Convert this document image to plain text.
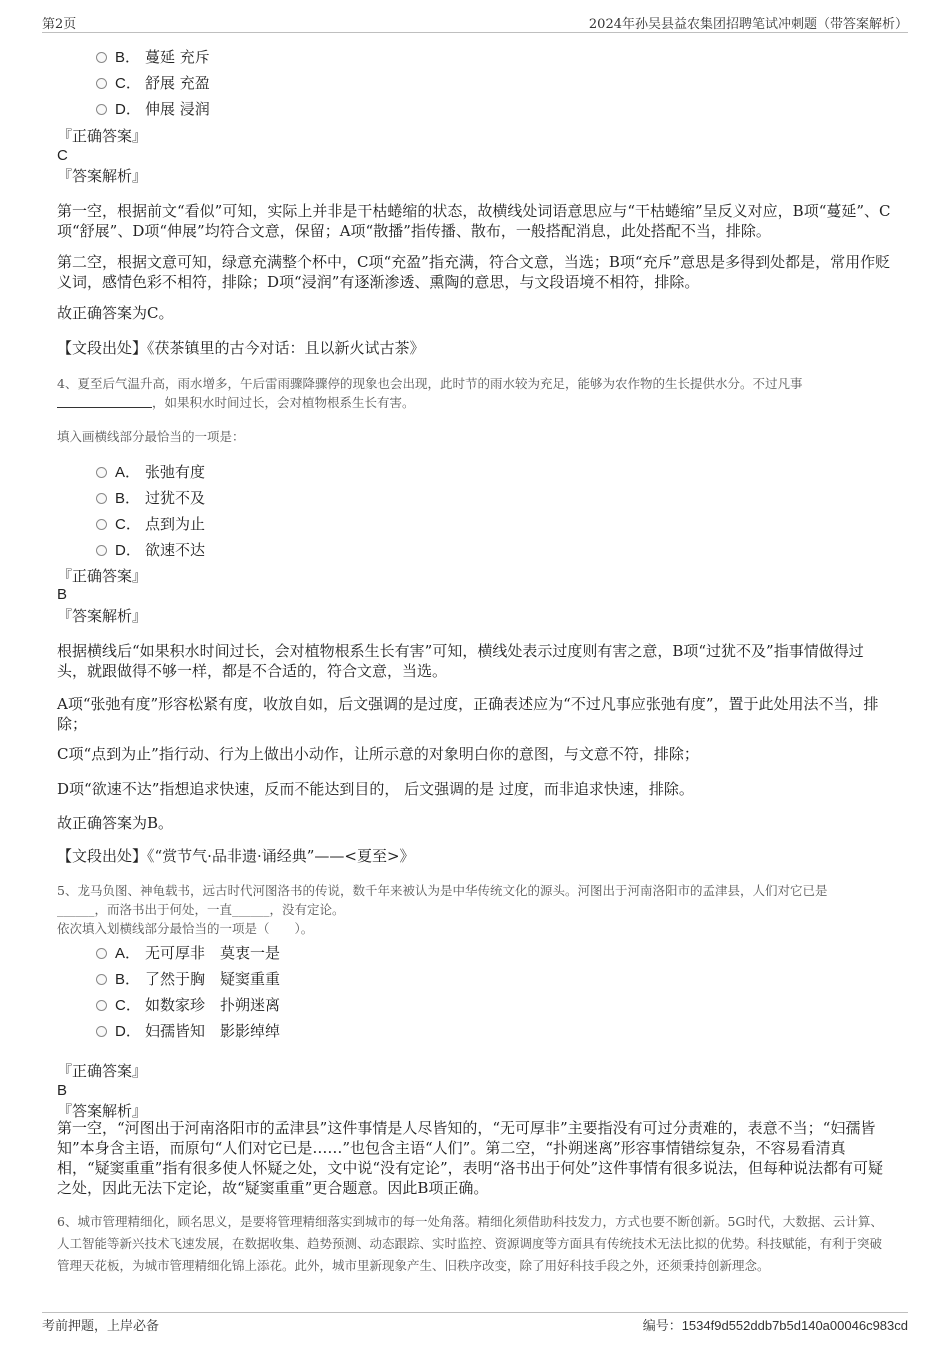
第2页	2024年孙吴县益农集团招聘笔试冲刺题（带答案解析）
B． 蔓延 充斥
C． 舒展 充盈
D． 伸展 浸润
『正确答案』
C
『答案解析』
第一空，根据前文“看似”可知，实际上并非是干枯蜷缩的状态，故横线处词语意思应与“干枯蜷缩”呈反义对应，B项“蔓延”、C项“舒展”、D项“伸展”均符合文意，保留；A项“散播”指传播、散布，一般搭配消息，此处搭配不当，排除。
第二空，根据文意可知，绿意充满整个杯中，C项“充盈”指充满，符合文意，当选；B项“充斥”意思是多得到处都是，常用作贬义词，感情色彩不相符，排除；D项“浸润”有逐渐渗透、熏陶的意思，与文段语境不相符，排除。
故正确答案为C。
【文段出处】《茯茶镇里的古今对话：且以新火试古茶》
4、夏至后气温升高，雨水增多，午后雷雨骤降骤停的现象也会出现，此时节的雨水较为充足，能够为农作物的生长提供水分。不过凡事
，如果积水时间过长，会对植物根系生长有害。
填入画横线部分最恰当的一项是：
A． 张弛有度
B． 过犹不及
C． 点到为止
D． 欲速不达
『正确答案』
B
『答案解析』
根据横线后“如果积水时间过长，会对植物根系生长有害”可知，横线处表示过度则有害之意，B项“过犹不及”指事情做得过头，就跟做得不够一样，都是不合适的，符合文意，当选。
A项“张弛有度”形容松紧有度，收放自如，后文强调的是过度，正确表述应为“不过凡事应张弛有度”，置于此处用法不当，排除；
C项“点到为止”指行动、行为上做出小动作，让所示意的对象明白你的意图，与文意不符，排除；
D项“欲速不达”指想追求快速，反而不能达到目的， 后文强调的是 过度，而非追求快速，排除。
故正确答案为B。
【文段出处】《“赏节气·品非遗·诵经典”——<夏至>》
5、龙马负图、神龟载书，远古时代河图洛书的传说，数千年来被认为是中华传统文化的源头。河图出于河南洛阳市的孟津县，人们对它已是
______，而洛书出于何处，一直______，没有定论。
依次填入划横线部分最恰当的一项是（　　）。
A． 无可厚非　莫衷一是
B． 了然于胸　疑窦重重
C． 如数家珍　扑朔迷离
D． 妇孺皆知　影影绰绰
『正确答案』
B
『答案解析』
第一空，“河图出于河南洛阳市的孟津县”这件事情是人尽皆知的，“无可厚非”主要指没有可过分责难的，表意不当；“妇孺皆知”本身含主语，而原句“人们对它已是……”也包含主语“人们”。第二空，“扑朔迷离”形容事情错综复杂，不容易看清真相，“疑窦重重”指有很多使人怀疑之处，文中说“没有定论”，表明“洛书出于何处”这件事情有很多说法，但每种说法都有可疑之处，因此无法下定论，故“疑窦重重”更合题意。因此B项正确。
6、城市管理精细化，顾名思义，是要将管理精细落实到城市的每一处角落。精细化须借助科技发力，方式也要不断创新。5G时代，大数据、云计算、人工智能等新兴技术飞速发展，在数据收集、趋势预测、动态跟踪、实时监控、资源调度等方面具有传统技术无法比拟的优势。科技赋能，有利于突破管理天花板，为城市管理精细化锦上添花。此外，城市里新现象产生、旧秩序改变，除了用好科技手段之外，还须秉持创新理念。
考前押题，上岸必备	编号：1534f9d552ddb7b5d140a00046c983cd
